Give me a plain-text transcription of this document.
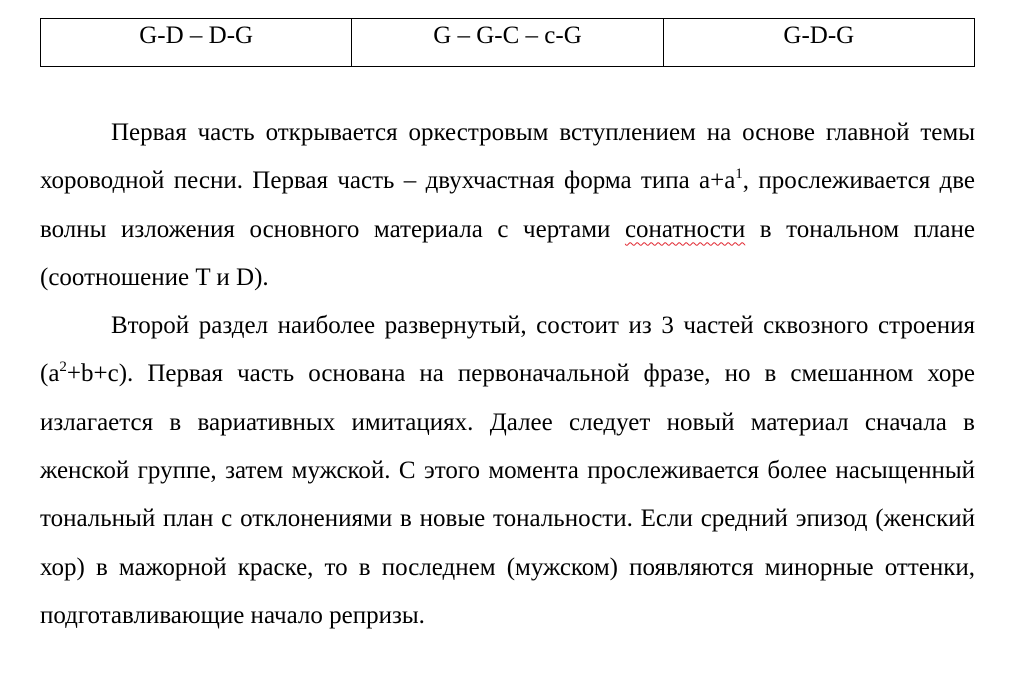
G-D – D-G	G – G-C – c-G	G-D-G

Первая часть открывается оркестровым вступлением на основе главной темы хороводной песни. Первая часть – двухчастная форма типа $a+a^1$, прослеживается две волны изложения основного материала с чертами сонатности в тональном плане (соотношение T и D).

Второй раздел наиболее развернутый, состоит из 3 частей сквозного строения $(a^2+b+c)$. Первая часть основана на первоначальной фразе, но в смешанном хоре излагается в вариативных имитациях. Далее следует новый материал сначала в женской группе, затем мужской. С этого момента прослеживается более насыщенный тональный план с отклонениями в новые тональности. Если средний эпизод (женский хор) в мажорной краске, то в последнем (мужском) появляются минорные оттенки, подготавливающие начало репризы.
